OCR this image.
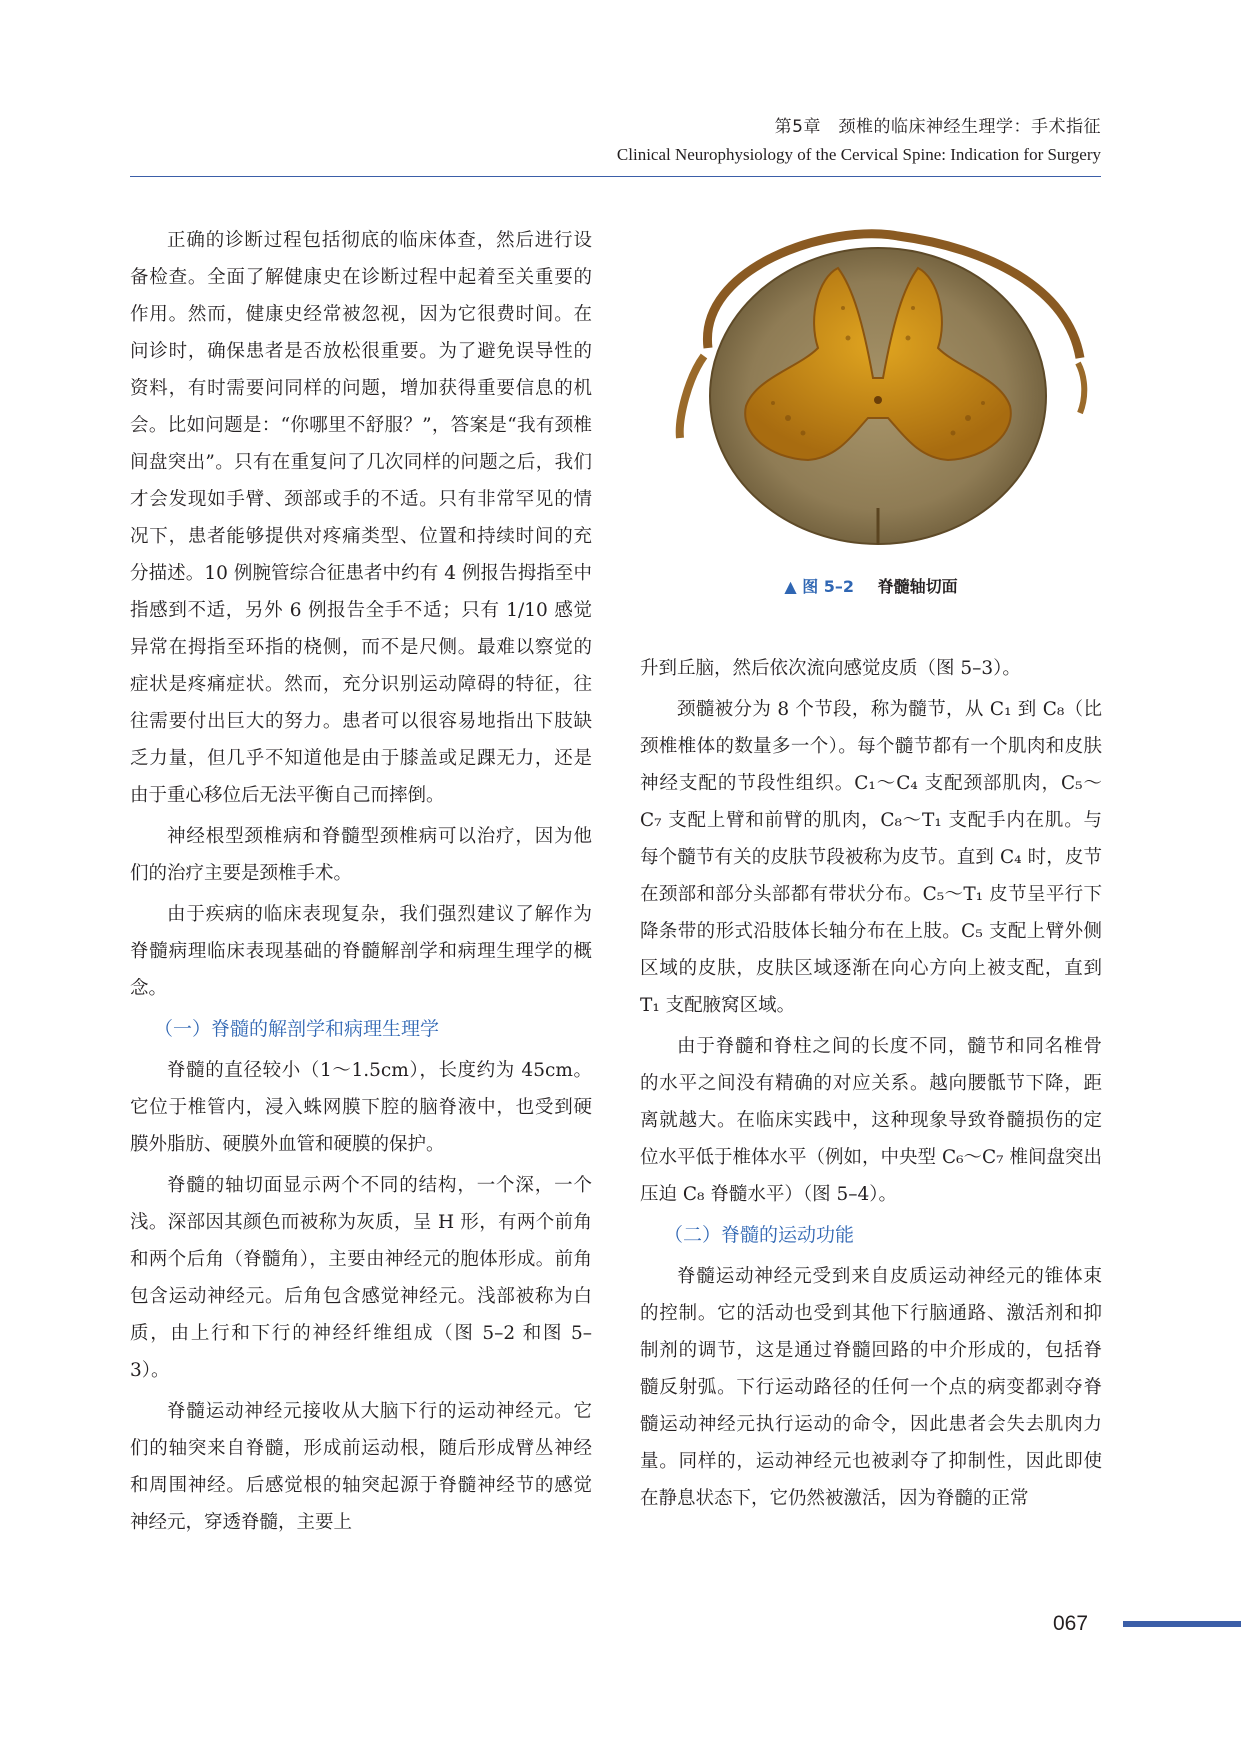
第5章　颈椎的临床神经生理学：手术指征
Clinical Neurophysiology of the Cervical Spine: Indication for Surgery

正确的诊断过程包括彻底的临床体查，然后进行设备检查。全面了解健康史在诊断过程中起着至关重要的作用。然而，健康史经常被忽视，因为它很费时间。在问诊时，确保患者是否放松很重要。为了避免误导性的资料，有时需要问同样的问题，增加获得重要信息的机会。比如问题是：“你哪里不舒服？”，答案是“我有颈椎间盘突出”。只有在重复问了几次同样的问题之后，我们才会发现如手臂、颈部或手的不适。只有非常罕见的情况下，患者能够提供对疼痛类型、位置和持续时间的充分描述。10 例腕管综合征患者中约有 4 例报告拇指至中指感到不适，另外 6 例报告全手不适；只有 1/10 感觉异常在拇指至环指的桡侧，而不是尺侧。最难以察觉的症状是疼痛症状。然而，充分识别运动障碍的特征，往往需要付出巨大的努力。患者可以很容易地指出下肢缺乏力量，但几乎不知道他是由于膝盖或足踝无力，还是由于重心移位后无法平衡自己而摔倒。

神经根型颈椎病和脊髓型颈椎病可以治疗，因为他们的治疗主要是颈椎手术。

由于疾病的临床表现复杂，我们强烈建议了解作为脊髓病理临床表现基础的脊髓解剖学和病理生理学的概念。

（一）脊髓的解剖学和病理生理学

脊髓的直径较小（1～1.5cm），长度约为 45cm。它位于椎管内，浸入蛛网膜下腔的脑脊液中，也受到硬膜外脂肪、硬膜外血管和硬膜的保护。

脊髓的轴切面显示两个不同的结构，一个深，一个浅。深部因其颜色而被称为灰质，呈 H 形，有两个前角和两个后角（脊髓角），主要由神经元的胞体形成。前角包含运动神经元。后角包含感觉神经元。浅部被称为白质，由上行和下行的神经纤维组成（图 5–2 和图 5–3）。

脊髓运动神经元接收从大脑下行的运动神经元。它们的轴突来自脊髓，形成前运动根，随后形成臂丛神经和周围神经。后感觉根的轴突起源于脊髓神经节的感觉神经元，穿透脊髓，主要上

▲ 图 5–2 脊髓轴切面

升到丘脑，然后依次流向感觉皮质（图 5–3）。

颈髓被分为 8 个节段，称为髓节，从 C₁ 到 C₈（比颈椎椎体的数量多一个）。每个髓节都有一个肌肉和皮肤神经支配的节段性组织。C₁～C₄ 支配颈部肌肉，C₅～C₇ 支配上臂和前臂的肌肉，C₈～T₁ 支配手内在肌。与每个髓节有关的皮肤节段被称为皮节。直到 C₄ 时，皮节在颈部和部分头部都有带状分布。C₅～T₁ 皮节呈平行下降条带的形式沿肢体长轴分布在上肢。C₅ 支配上臂外侧区域的皮肤，皮肤区域逐渐在向心方向上被支配，直到 T₁ 支配腋窝区域。

由于脊髓和脊柱之间的长度不同，髓节和同名椎骨的水平之间没有精确的对应关系。越向腰骶节下降，距离就越大。在临床实践中，这种现象导致脊髓损伤的定位水平低于椎体水平（例如，中央型 C₆～C₇ 椎间盘突出压迫 C₈ 脊髓水平）（图 5–4）。

（二）脊髓的运动功能

脊髓运动神经元受到来自皮质运动神经元的锥体束的控制。它的活动也受到其他下行脑通路、激活剂和抑制剂的调节，这是通过脊髓回路的中介形成的，包括脊髓反射弧。下行运动路径的任何一个点的病变都剥夺脊髓运动神经元执行运动的命令，因此患者会失去肌肉力量。同样的，运动神经元也被剥夺了抑制性，因此即使在静息状态下，它仍然被激活，因为脊髓的正常

067
